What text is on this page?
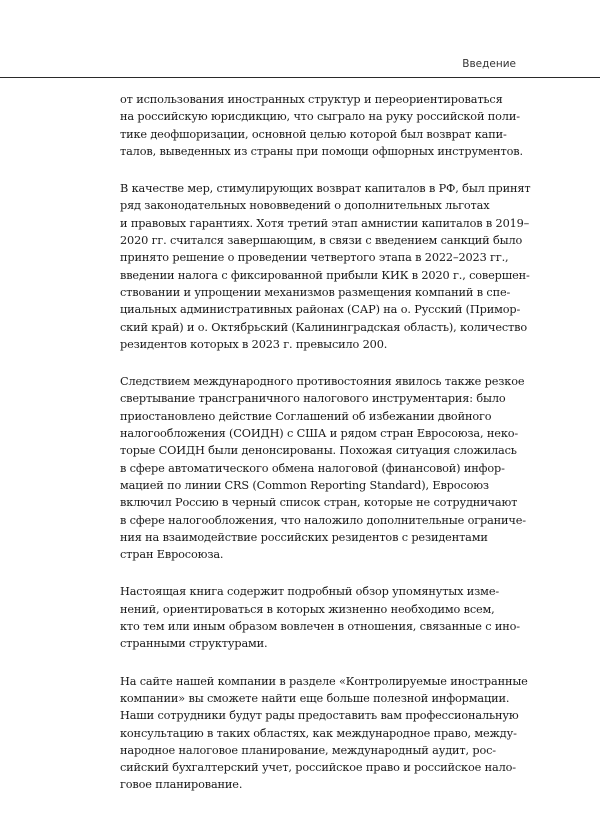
Введение

от использования иностранных структур и переориентироваться
на российскую юрисдикцию, что сыграло на руку российской поли-
тике деофшоризации, основной целью которой был возврат капи-
талов, выведенных из страны при помощи офшорных инструментов.

В качестве мер, стимулирующих возврат капиталов в РФ, был принят
ряд законодательных нововведений о дополнительных льготах
и правовых гарантиях. Хотя третий этап амнистии капиталов в 2019–
2020 гг. считался завершающим, в связи с введением санкций было
принято решение о проведении четвертого этапа в 2022–2023 гг.,
введении налога с фиксированной прибыли КИК в 2020 г., совершен-
ствовании и упрощении механизмов размещения компаний в спе-
циальных административных районах (САР) на о. Русский (Примор-
ский край) и о. Октябрьский (Калининградская область), количество
резидентов которых в 2023 г. превысило 200.

Следствием международного противостояния явилось также резкое
свертывание трансграничного налогового инструментария: было
приостановлено действие Соглашений об избежании двойного
налогообложения (СОИДН) с США и рядом стран Евросоюза, неко-
торые СОИДН были денонсированы. Похожая ситуация сложилась
в сфере автоматического обмена налоговой (финансовой) инфор-
мацией по линии CRS (Common Reporting Standard), Евросоюз
включил Россию в черный список стран, которые не сотрудничают
в сфере налогообложения, что наложило дополнительные ограниче-
ния на взаимодействие российских резидентов с резидентами
стран Евросоюза.

Настоящая книга содержит подробный обзор упомянутых изме-
нений, ориентироваться в которых жизненно необходимо всем,
кто тем или иным образом вовлечен в отношения, связанные с ино-
странными структурами.

На сайте нашей компании в разделе «Контролируемые иностранные
компании» вы сможете найти еще больше полезной информации.
Наши сотрудники будут рады предоставить вам профессиональную
консультацию в таких областях, как международное право, между-
народное налоговое планирование, международный аудит, рос-
сийский бухгалтерский учет, российское право и российское нало-
говое планирование.
